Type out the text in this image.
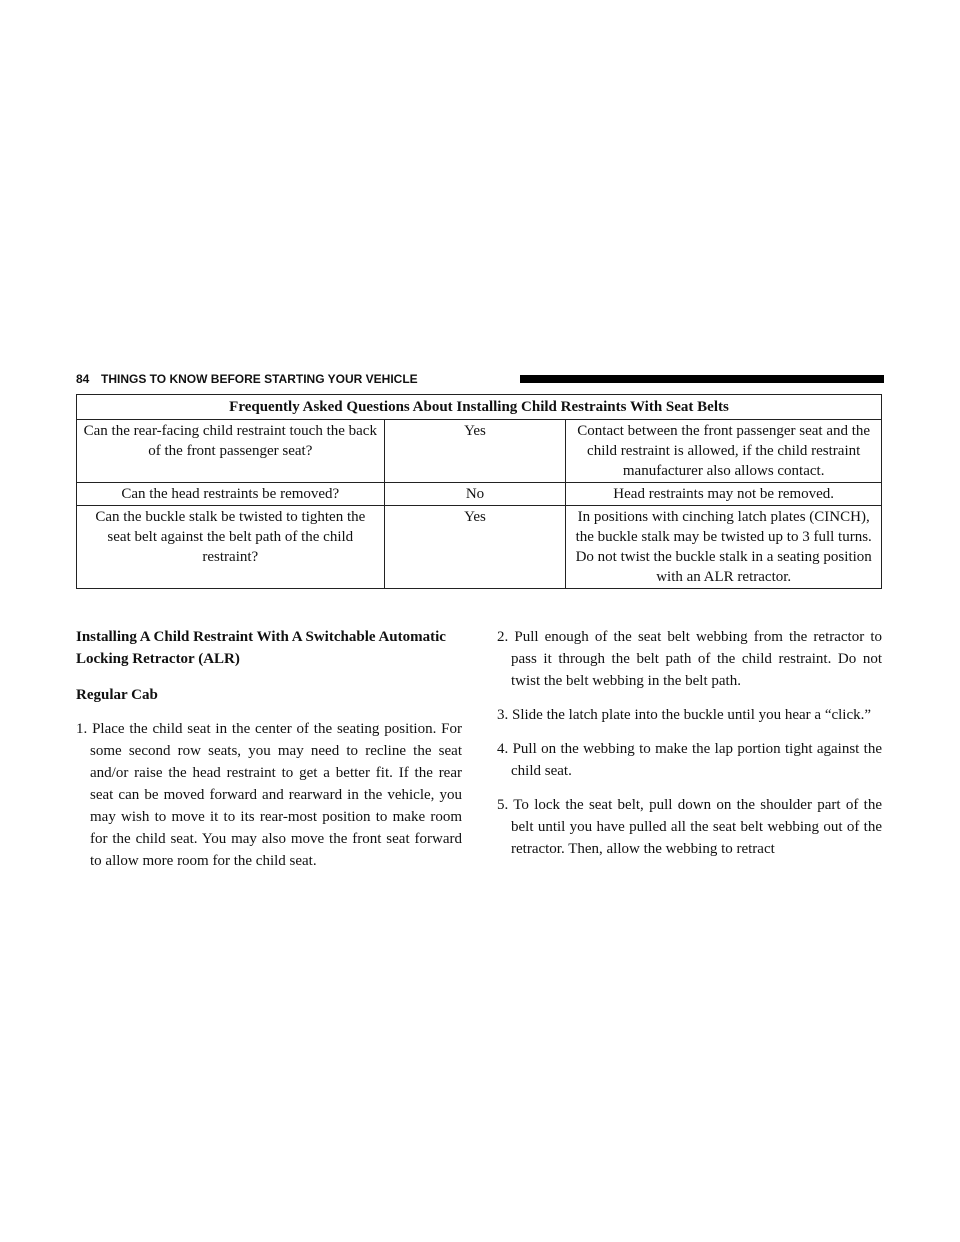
84 THINGS TO KNOW BEFORE STARTING YOUR VEHICLE
Frequently Asked Questions About Installing Child Restraints With Seat Belts		
Can the rear-facing child restraint touch the back of the front passenger seat?	Yes	Contact between the front passenger seat and the child restraint is allowed, if the child restraint manufacturer also allows contact.
Can the head restraints be removed?	No	Head restraints may not be removed.
Can the buckle stalk be twisted to tighten the seat belt against the belt path of the child restraint?	Yes	In positions with cinching latch plates (CINCH), the buckle stalk may be twisted up to 3 full turns. Do not twist the buckle stalk in a seating position with an ALR retractor.
Installing A Child Restraint With A Switchable Automatic Locking Retractor (ALR)
Regular Cab
1. Place the child seat in the center of the seating position. For some second row seats, you may need to recline the seat and/or raise the head restraint to get a better fit. If the rear seat can be moved forward and rearward in the vehicle, you may wish to move it to its rear-most position to make room for the child seat. You may also move the front seat forward to allow more room for the child seat.
2. Pull enough of the seat belt webbing from the retractor to pass it through the belt path of the child restraint. Do not twist the belt webbing in the belt path.
3. Slide the latch plate into the buckle until you hear a “click.”
4. Pull on the webbing to make the lap portion tight against the child seat.
5. To lock the seat belt, pull down on the shoulder part of the belt until you have pulled all the seat belt webbing out of the retractor. Then, allow the webbing to retract
